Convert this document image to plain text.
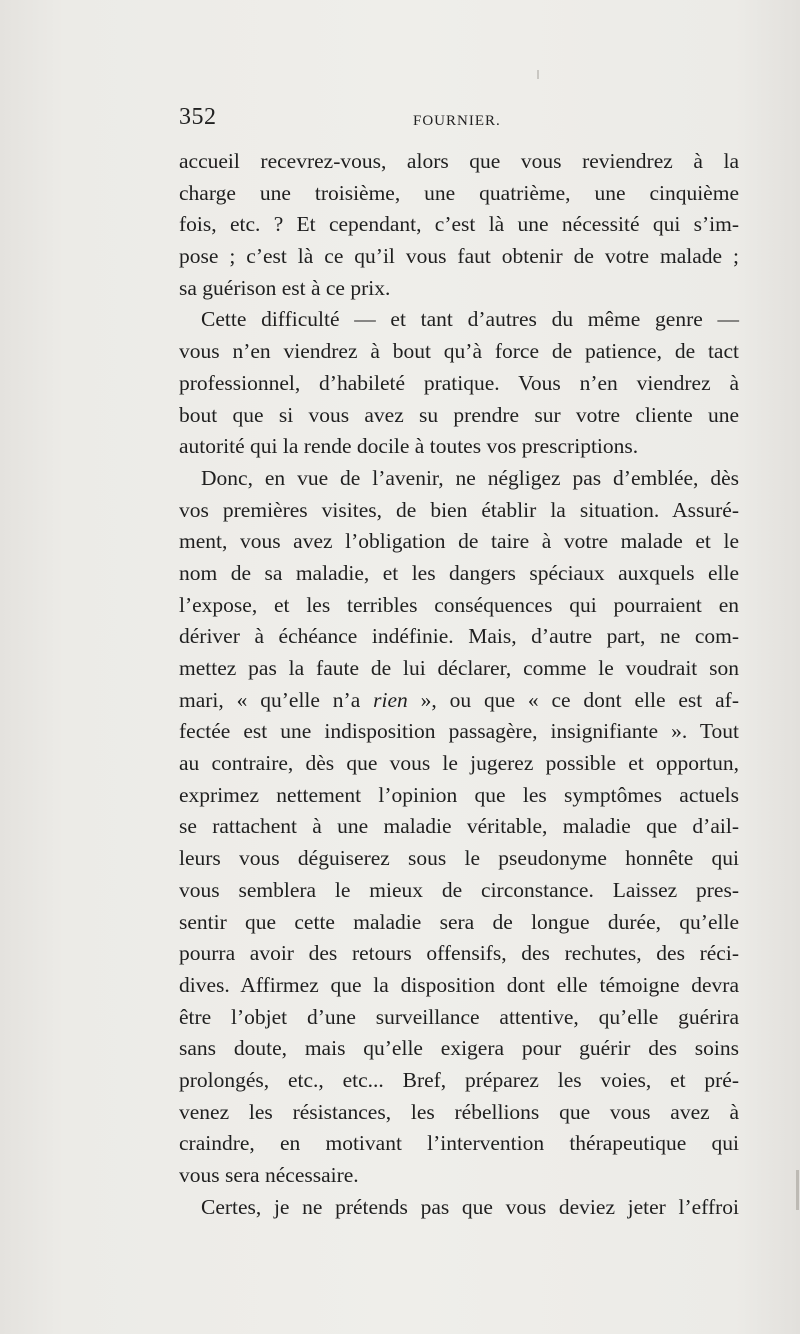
352	FOURNIER.
accueil recevrez-vous, alors que vous reviendrez à la
charge une troisième, une quatrième, une cinquième
fois, etc. ? Et cependant, c’est là une nécessité qui s’im-
pose ; c’est là ce qu’il vous faut obtenir de votre malade ;
sa guérison est à ce prix.
Cette difficulté — et tant d’autres du même genre —
vous n’en viendrez à bout qu’à force de patience, de tact
professionnel, d’habileté pratique. Vous n’en viendrez à
bout que si vous avez su prendre sur votre cliente une
autorité qui la rende docile à toutes vos prescriptions.
Donc, en vue de l’avenir, ne négligez pas d’emblée, dès
vos premières visites, de bien établir la situation. Assuré-
ment, vous avez l’obligation de taire à votre malade et le
nom de sa maladie, et les dangers spéciaux auxquels elle
l’expose, et les terribles conséquences qui pourraient en
dériver à échéance indéfinie. Mais, d’autre part, ne com-
mettez pas la faute de lui déclarer, comme le voudrait son
mari, « qu’elle n’a rien », ou que « ce dont elle est af-
fectée est une indisposition passagère, insignifiante ». Tout
au contraire, dès que vous le jugerez possible et opportun,
exprimez nettement l’opinion que les symptômes actuels
se rattachent à une maladie véritable, maladie que d’ail-
leurs vous déguiserez sous le pseudonyme honnête qui
vous semblera le mieux de circonstance. Laissez pres-
sentir que cette maladie sera de longue durée, qu’elle
pourra avoir des retours offensifs, des rechutes, des réci-
dives. Affirmez que la disposition dont elle témoigne devra
être l’objet d’une surveillance attentive, qu’elle guérira
sans doute, mais qu’elle exigera pour guérir des soins
prolongés, etc., etc... Bref, préparez les voies, et pré-
venez les résistances, les rébellions que vous avez à
craindre, en motivant l’intervention thérapeutique qui
vous sera nécessaire.
Certes, je ne prétends pas que vous deviez jeter l’effroi
